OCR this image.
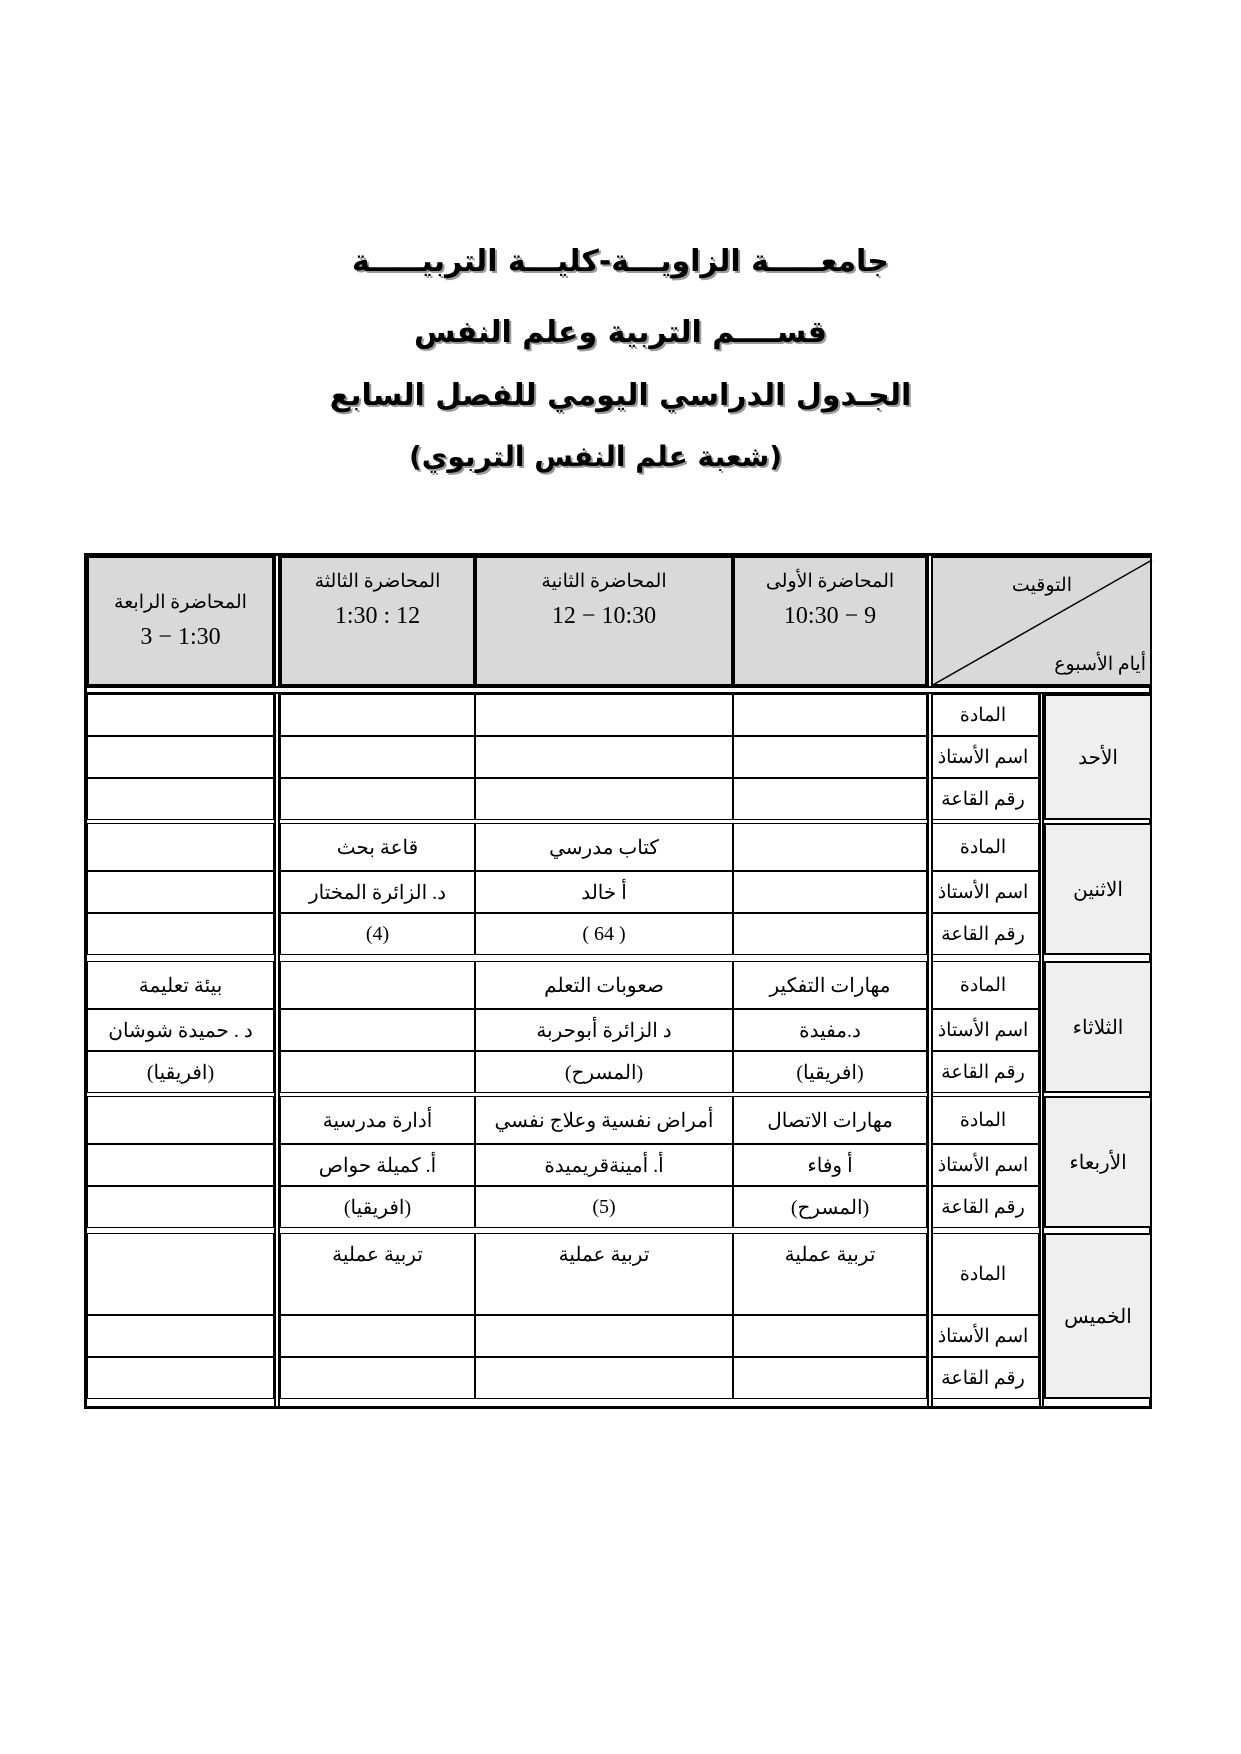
جامعـــــة الزاويـــة-كليـــة التربيـــــة
قســــم التربية وعلم النفس
الجـدول الدراسي اليومي للفصل السابع
(شعبة علم النفس التربوي)
التوقيت
أيام الأسبوع
المحاضرة الأولى
10:30 − 9
المحاضرة الثانية
12 − 10:30
المحاضرة الثالثة
1:30 : 12
المحاضرة الرابعة
3 − 1:30
الأحد
المادة
اسم الأستاذ
رقم القاعة
الاثنين
المادة
كتاب مدرسي
قاعة بحث
اسم الأستاذ
أ خالد
د. الزائرة المختار
رقم القاعة
( 64 )
(4)
الثلاثاء
المادة
مهارات التفكير
صعوبات التعلم
بيئة تعليمة
اسم الأستاذ
د.مفيدة
د الزائرة أبوحربة
د . حميدة شوشان
رقم القاعة
(افريقيا)
(المسرح)
(افريقيا)
الأربعاء
المادة
مهارات الاتصال
أمراض نفسية وعلاج نفسي
أدارة مدرسية
اسم الأستاذ
أ وفاء
أ. أمينةقريميدة
أ. كميلة حواص
رقم القاعة
(المسرح)
(5)
(افريقيا)
الخميس
المادة
تربية عملية
تربية عملية
تربية عملية
اسم الأستاذ
رقم القاعة
